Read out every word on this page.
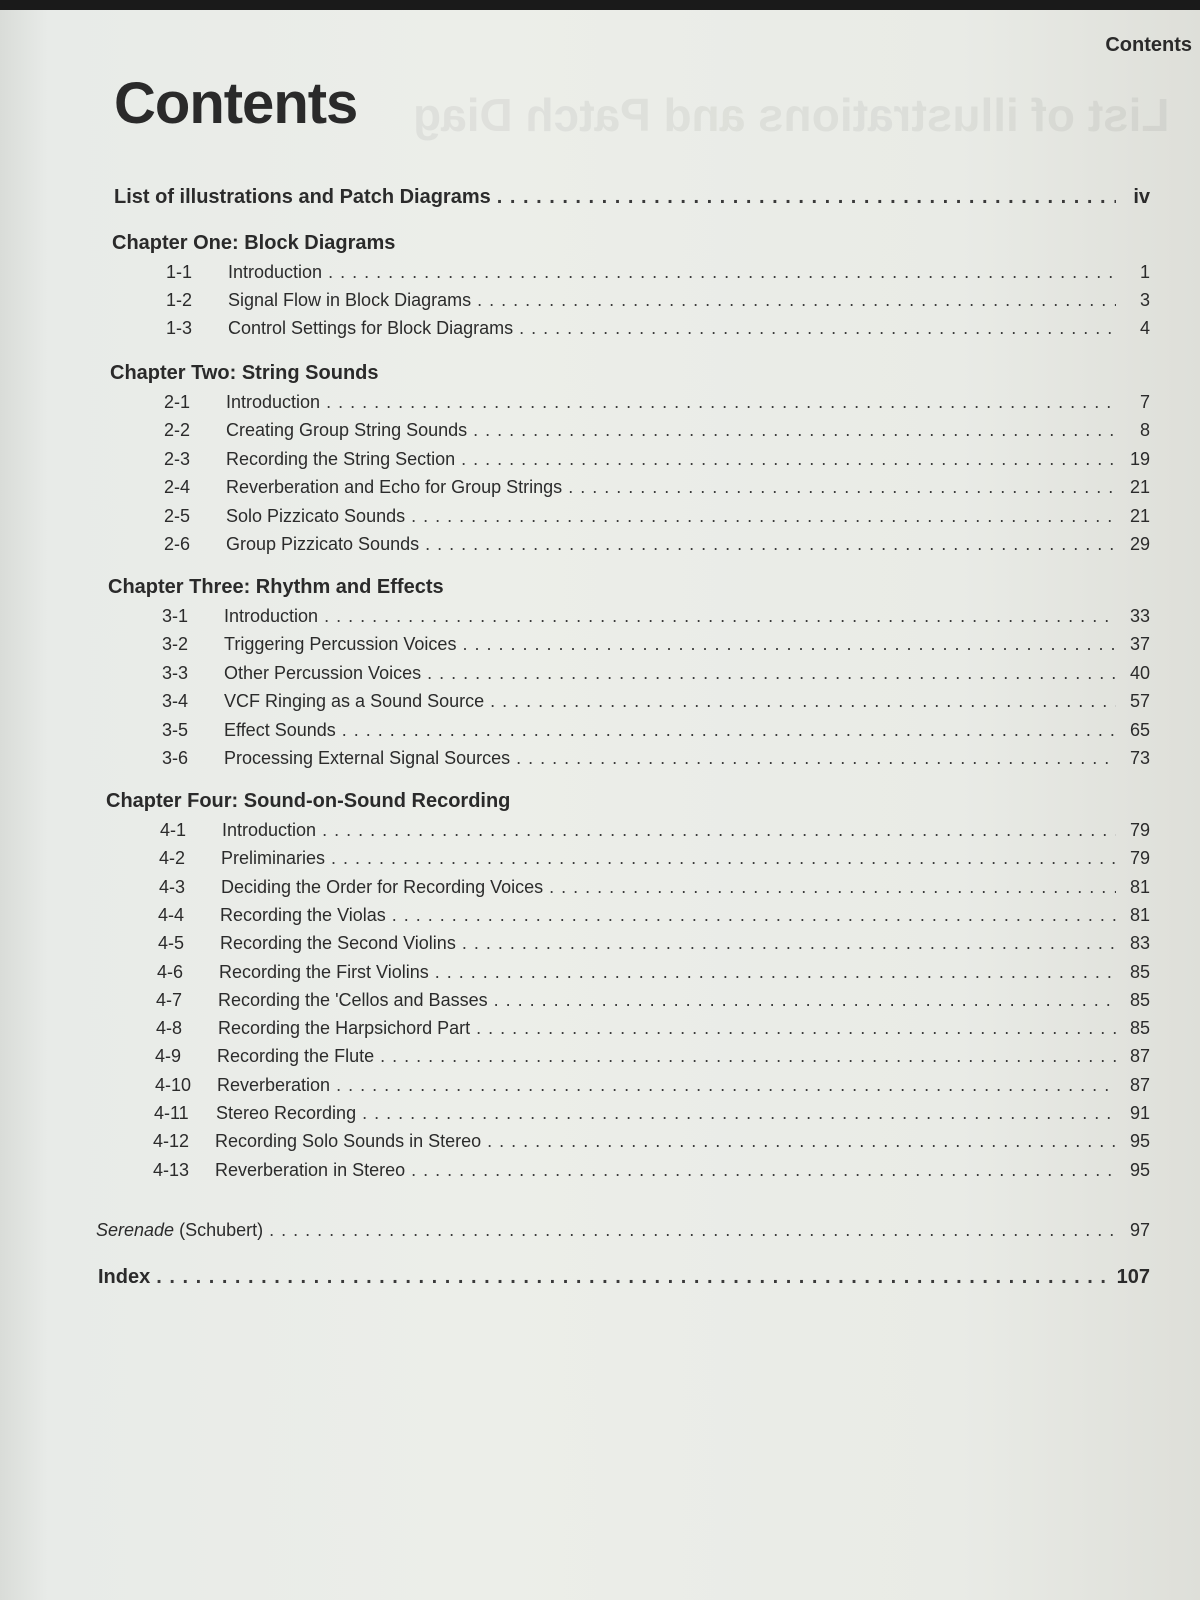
List of illustrations and Patch Diag
Contents
Contents
List of illustrations and Patch Diagrams . . .	iv
Chapter One: Block Diagrams
1-1	Introduction . . .	1
1-2	Signal Flow in Block Diagrams . . .	3
1-3	Control Settings for Block Diagrams . . .	4
Chapter Two: String Sounds
2-1	Introduction . . .	7
2-2	Creating Group String Sounds . . .	8
2-3	Recording the String Section . . .	19
2-4	Reverberation and Echo for Group Strings . . .	21
2-5	Solo Pizzicato Sounds . . .	21
2-6	Group Pizzicato Sounds . . .	29
Chapter Three: Rhythm and Effects
3-1	Introduction . . .	33
3-2	Triggering Percussion Voices . . .	37
3-3	Other Percussion Voices . . .	40
3-4	VCF Ringing as a Sound Source . . .	57
3-5	Effect Sounds . . .	65
3-6	Processing External Signal Sources . . .	73
Chapter Four: Sound-on-Sound Recording
4-1	Introduction . . .	79
4-2	Preliminaries . . .	79
4-3	Deciding the Order for Recording Voices . . .	81
4-4	Recording the Violas . . .	81
4-5	Recording the Second Violins . . .	83
4-6	Recording the First Violins . . .	85
4-7	Recording the 'Cellos and Basses . . .	85
4-8	Recording the Harpsichord Part . . .	85
4-9	Recording the Flute . . .	87
4-10	Reverberation . . .	87
4-11	Stereo Recording . . .	91
4-12	Recording Solo Sounds in Stereo . . .	95
4-13	Reverberation in Stereo . . .	95
Serenade (Schubert) . . .	97
Index . . .	107
